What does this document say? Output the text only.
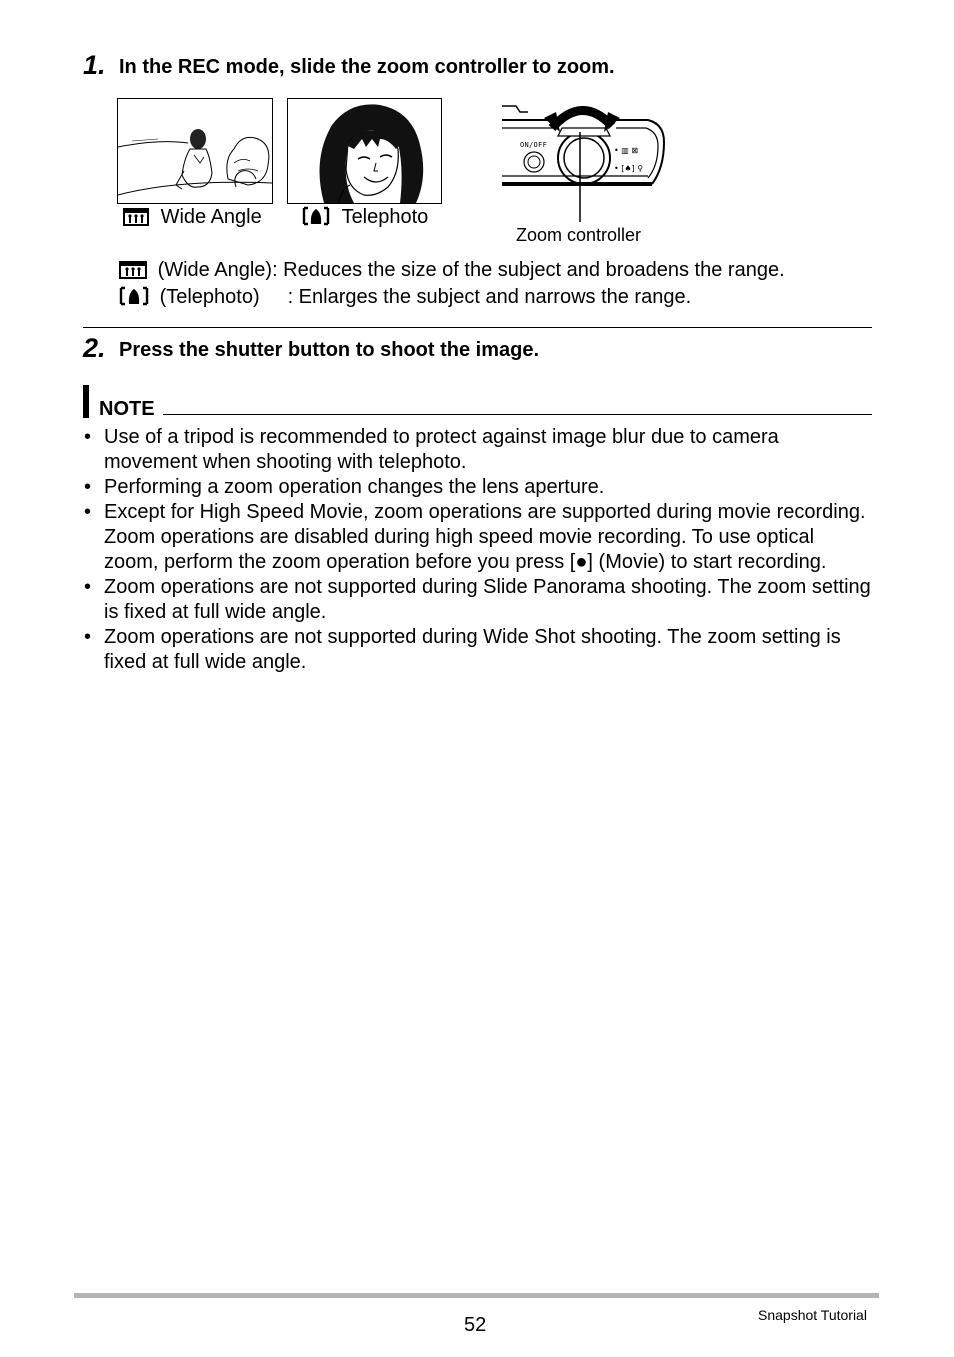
1. In the REC mode, slide the zoom controller to zoom.
Wide Angle	Telephoto
• ▥ ⊠
• [♠] ⚲
ON/OFF
Zoom controller
(Wide Angle): Reduces the size of the subject and broadens the range.
(Telephoto) : Enlarges the subject and narrows the range.
2. Press the shutter button to shoot the image.
NOTE
• Use of a tripod is recommended to protect against image blur due to camera movement when shooting with telephoto.
• Performing a zoom operation changes the lens aperture.
• Except for High Speed Movie, zoom operations are supported during movie recording. Zoom operations are disabled during high speed movie recording. To use optical zoom, perform the zoom operation before you press [●] (Movie) to start recording.
• Zoom operations are not supported during Slide Panorama shooting. The zoom setting is fixed at full wide angle.
• Zoom operations are not supported during Wide Shot shooting. The zoom setting is fixed at full wide angle.
52	Snapshot Tutorial
